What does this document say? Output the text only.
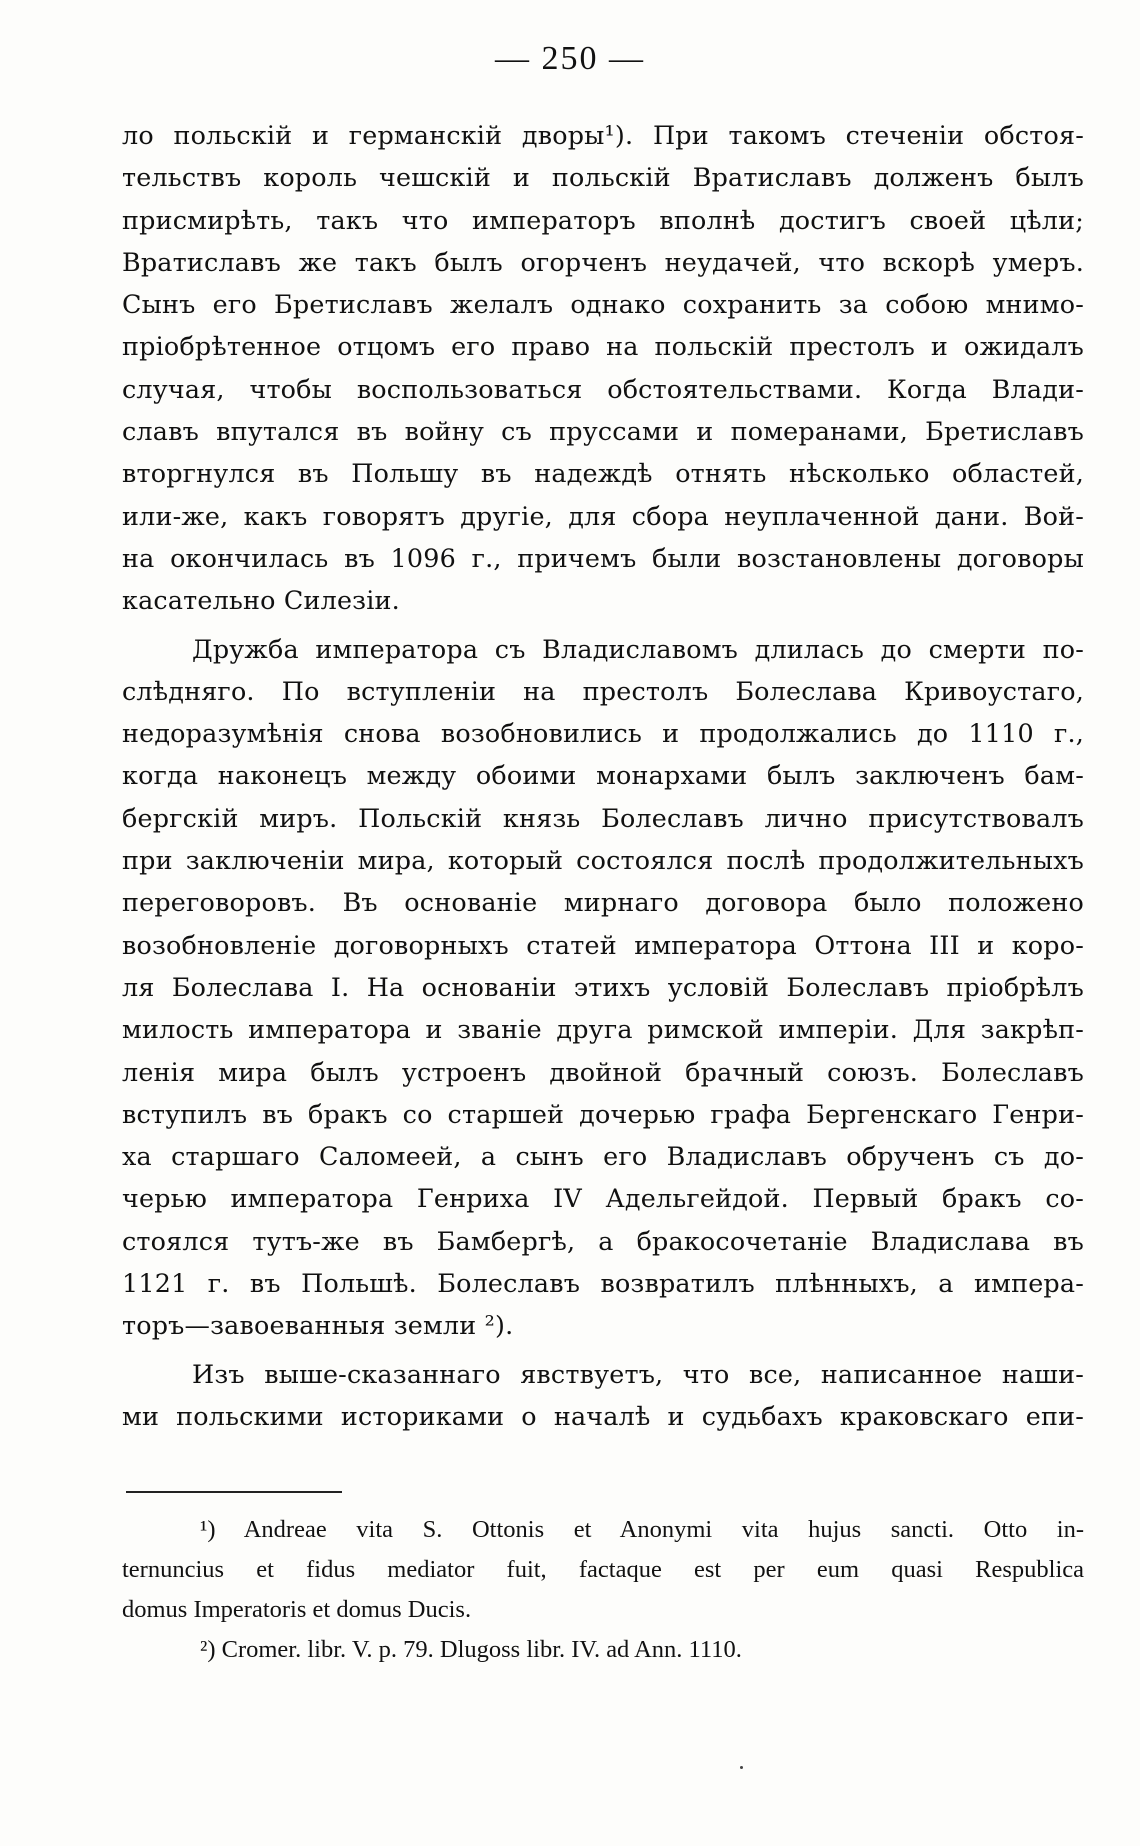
— 250 —
ло польскій и германскій дворы¹). При такомъ стеченіи обстоя-
тельствъ король чешскій и польскій Вратиславъ долженъ былъ
присмирѣть, такъ что императоръ вполнѣ достигъ своей цѣли;
Вратиславъ же такъ былъ огорченъ неудачей, что вскорѣ умеръ.
Сынъ его Бретиславъ желалъ однако сохранить за собою мнимо-
пріобрѣтенное отцомъ его право на польскій престолъ и ожидалъ
случая, чтобы воспользоваться обстоятельствами. Когда Влади-
славъ впутался въ войну съ пруссами и померанами, Бретиславъ
вторгнулся въ Польшу въ надеждѣ отнять нѣсколько областей,
или-же, какъ говорятъ другіе, для сбора неуплаченной дани. Вой-
на окончилась въ 1096 г., причемъ были возстановлены договоры
касательно Силезіи.
Дружба императора съ Владиславомъ длилась до смерти по-
слѣдняго. По вступленіи на престолъ Болеслава Кривоустаго,
недоразумѣнія снова возобновились и продолжались до 1110 г.,
когда наконецъ между обоими монархами былъ заключенъ бам-
бергскій миръ. Польскій князь Болеславъ лично присутствовалъ
при заключеніи мира, который состоялся послѣ продолжительныхъ
переговоровъ. Въ основаніе мирнаго договора было положено
возобновленіе договорныхъ статей императора Оттона III и коро-
ля Болеслава I. На основаніи этихъ условій Болеславъ пріобрѣлъ
милость императора и званіе друга римской имперіи. Для закрѣп-
ленія мира былъ устроенъ двойной брачный союзъ. Болеславъ
вступилъ въ бракъ со старшей дочерью графа Бергенскаго Генри-
ха старшаго Саломеей, а сынъ его Владиславъ обрученъ съ до-
черью императора Генриха IV Адельгейдой. Первый бракъ со-
стоялся тутъ-же въ Бамбергѣ, а бракосочетаніе Владислава въ
1121 г. въ Польшѣ. Болеславъ возвратилъ плѣнныхъ, а импера-
торъ—завоеванныя земли ²).
Изъ выше-сказаннаго явствуетъ, что все, написанное наши-
ми польскими историками о началѣ и судьбахъ краковскаго епи-
¹) Andreae vita S. Ottonis et Anonymi vita hujus sancti. Otto in-
ternuncius et fidus mediator fuit, factaque est per eum quasi Respublica
domus Imperatoris et domus Ducis.
²) Cromer. libr. V. p. 79. Dlugoss libr. IV. ad Ann. 1110.
